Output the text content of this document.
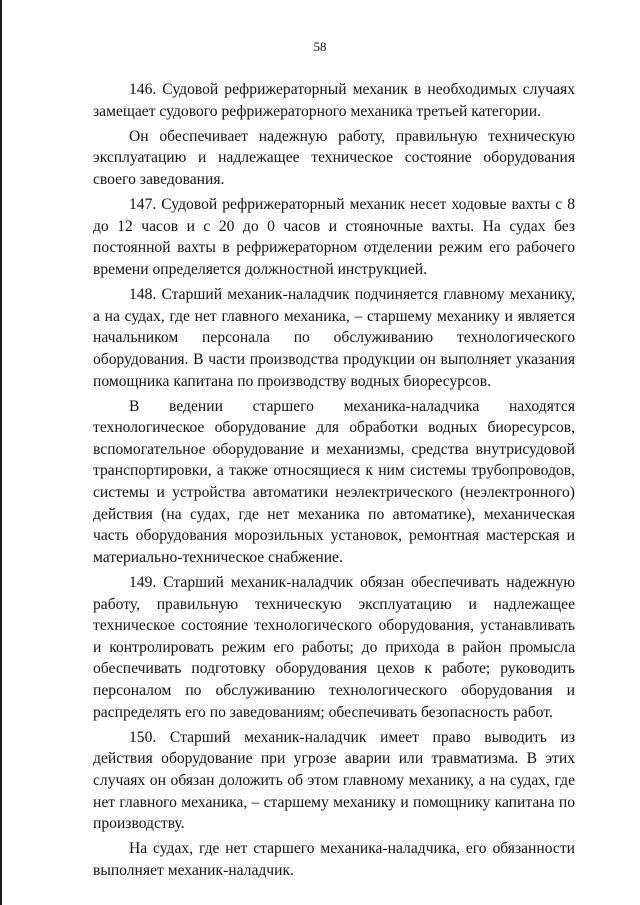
58

146. Судовой рефрижераторный механик в необходимых случаях замещает судового рефрижераторного механика третьей категории.

Он обеспечивает надежную работу, правильную техническую эксплуатацию и надлежащее техническое состояние оборудования своего заведования.

147. Судовой рефрижераторный механик несет ходовые вахты с 8 до 12 часов и с 20 до 0 часов и стояночные вахты. На судах без постоянной вахты в рефрижераторном отделении режим его рабочего времени определяется должностной инструкцией.

148. Старший механик-наладчик подчиняется главному механику, а на судах, где нет главного механика, – старшему механику и является начальником персонала по обслуживанию технологического оборудования. В части производства продукции он выполняет указания помощника капитана по производству водных биоресурсов.

В ведении старшего механика-наладчика находятся технологическое оборудование для обработки водных биоресурсов, вспомогательное оборудование и механизмы, средства внутрисудовой транспортировки, а также относящиеся к ним системы трубопроводов, системы и устройства автоматики неэлектрического (неэлектронного) действия (на судах, где нет механика по автоматике), механическая часть оборудования морозильных установок, ремонтная мастерская и материально-техническое снабжение.

149. Старший механик-наладчик обязан обеспечивать надежную работу, правильную техническую эксплуатацию и надлежащее техническое состояние технологического оборудования, устанавливать и контролировать режим его работы; до прихода в район промысла обеспечивать подготовку оборудования цехов к работе; руководить персоналом по обслуживанию технологического оборудования и распределять его по заведованиям; обеспечивать безопасность работ.

150. Старший механик-наладчик имеет право выводить из действия оборудование при угрозе аварии или травматизма. В этих случаях он обязан доложить об этом главному механику, а на судах, где нет главного механика, – старшему механику и помощнику капитана по производству.

На судах, где нет старшего механика-наладчика, его обязанности выполняет механик-наладчик.
